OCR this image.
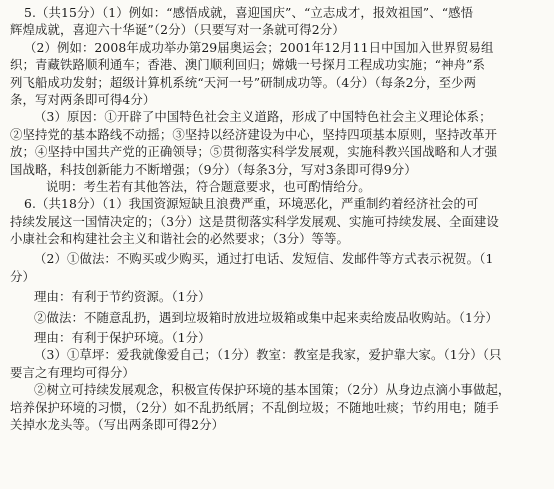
5.（共15分）（1）例如：“感悟成就，喜迎国庆”、“立志成才，报效祖国”、“感悟
辉煌成就，喜迎六十华诞”（2分）（只要写对一条就可得2分）
（2）例如：2008年成功举办第29届奥运会；2001年12月11日中国加入世界贸易组
织；青藏铁路顺利通车；香港、澳门顺利回归；嫦娥一号探月工程成功实施；“神舟”系
列飞船成功发射；超级计算机系统“天河一号”研制成功等。（4分）（每条2分，至少两
条，写对两条即可得4分）
（3）原因：①开辟了中国特色社会主义道路，形成了中国特色社会主义理论体系；
②坚持党的基本路线不动摇；③坚持以经济建设为中心，坚持四项基本原则，坚持改革开
放；④坚持中国共产党的正确领导；⑤贯彻落实科学发展观，实施科教兴国战略和人才强
国战略，科技创新能力不断增强；（9分）（每条3分，写对3条即可得9分）
说明：考生若有其他答法，符合题意要求，也可酌情给分。
6.（共18分）（1）我国资源短缺且浪费严重，环境恶化，严重制约着经济社会的可
持续发展这一国情决定的；（3分）这是贯彻落实科学发展观、实施可持续发展、全面建设
小康社会和构建社会主义和谐社会的必然要求；（3分）等等。
（2）①做法：不购买或少购买，通过打电话、发短信、发邮件等方式表示祝贺。（1
分）
理由：有利于节约资源。（1分）
②做法：不随意乱扔，遇到垃圾箱时放进垃圾箱或集中起来卖给废品收购站。（1分）
理由：有利于保护环境。（1分）
（3）①草坪：爱我就像爱自己；（1分）教室：教室是我家，爱护靠大家。（1分）（只
要言之有理均可得分）
②树立可持续发展观念，积极宣传保护环境的基本国策；（2分）从身边点滴小事做起，
培养保护环境的习惯，（2分）如不乱扔纸屑；不乱倒垃圾；不随地吐痰；节约用电；随手
关掉水龙头等。（写出两条即可得2分）
